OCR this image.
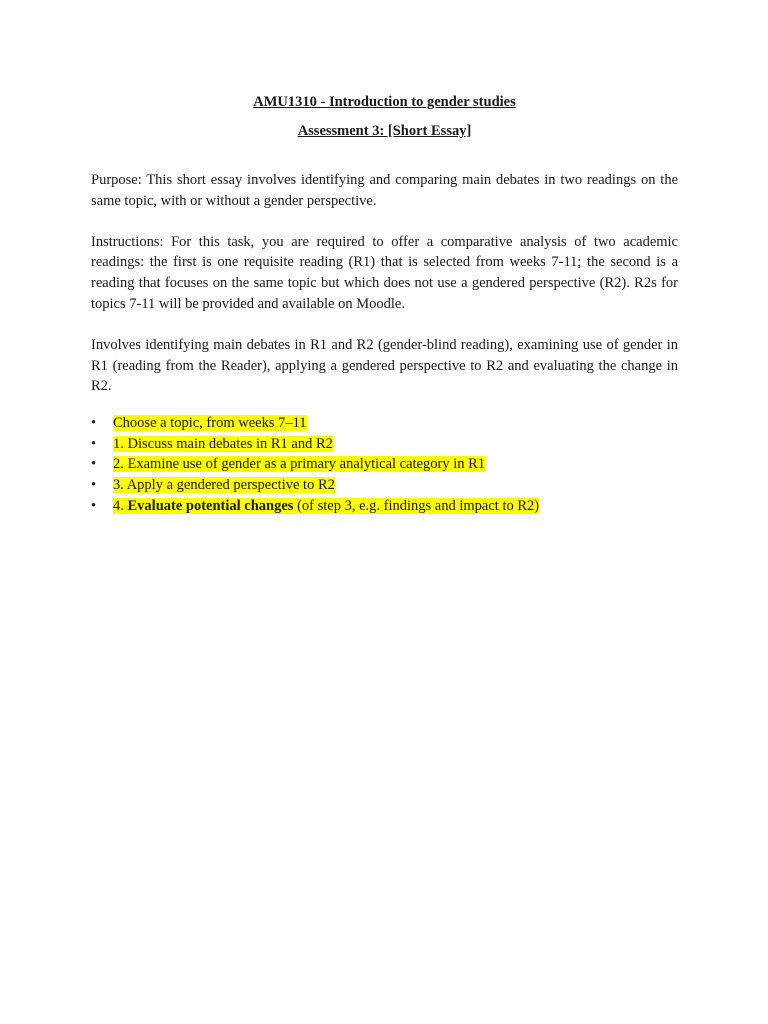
AMU1310 - Introduction to gender studies

Assessment 3: [Short Essay]

Purpose: This short essay involves identifying and comparing main debates in two readings on the same topic, with or without a gender perspective.

Instructions: For this task, you are required to offer a comparative analysis of two academic readings: the first is one requisite reading (R1) that is selected from weeks 7-11; the second is a reading that focuses on the same topic but which does not use a gendered perspective (R2). R2s for topics 7-11 will be provided and available on Moodle.

Involves identifying main debates in R1 and R2 (gender-blind reading), examining use of gender in R1 (reading from the Reader), applying a gendered perspective to R2 and evaluating the change in R2.

• Choose a topic, from weeks 7–11
• 1. Discuss main debates in R1 and R2
• 2. Examine use of gender as a primary analytical category in R1
• 3. Apply a gendered perspective to R2
• 4. Evaluate potential changes (of step 3, e.g. findings and impact to R2)
